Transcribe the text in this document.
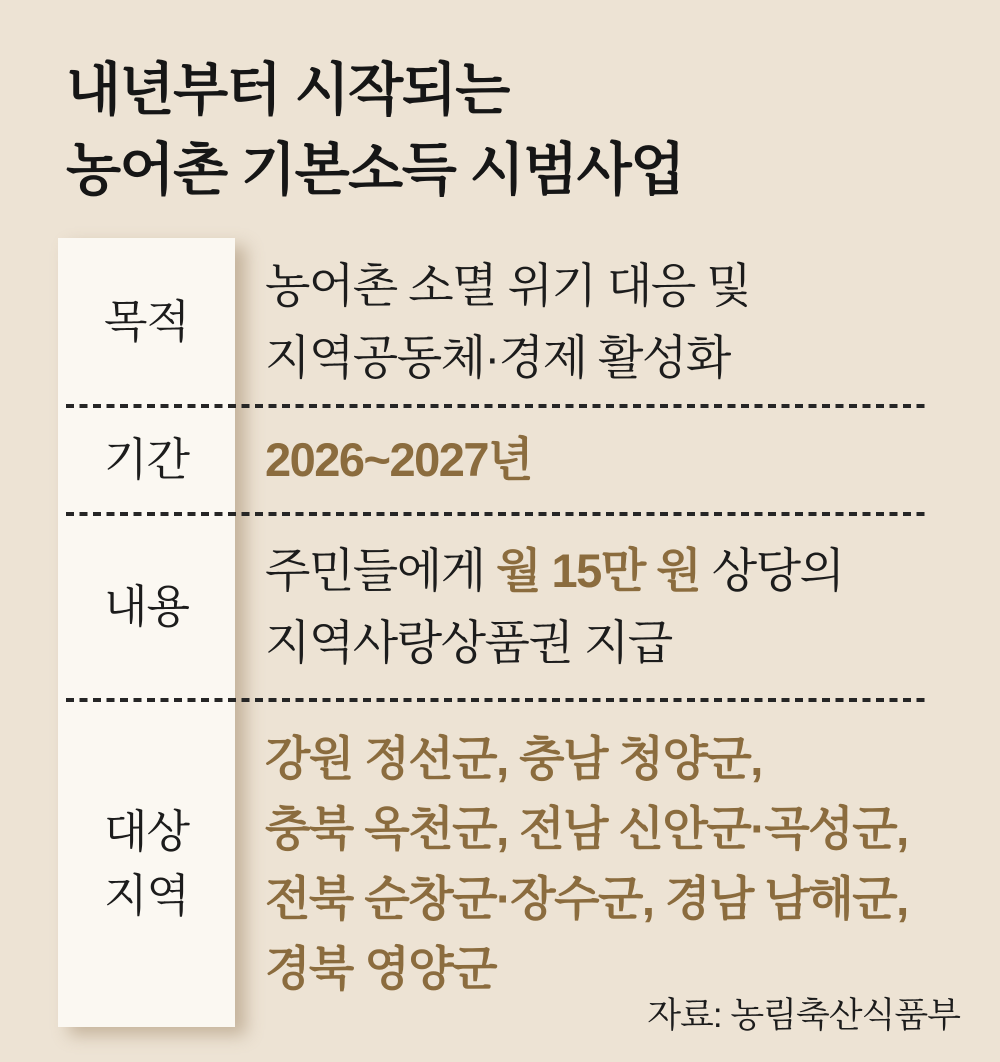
내년부터 시작되는
농어촌 기본소득 시범사업
목적
농어촌 소멸 위기 대응 및
지역공동체·경제 활성화
기간	2026~2027년
내용
주민들에게 월 15만 원 상당의
지역사랑상품권 지급
대상
지역
강원 정선군, 충남 청양군,
충북 옥천군, 전남 신안군·곡성군,
전북 순창군·장수군, 경남 남해군,
경북 영양군
자료: 농림축산식품부
